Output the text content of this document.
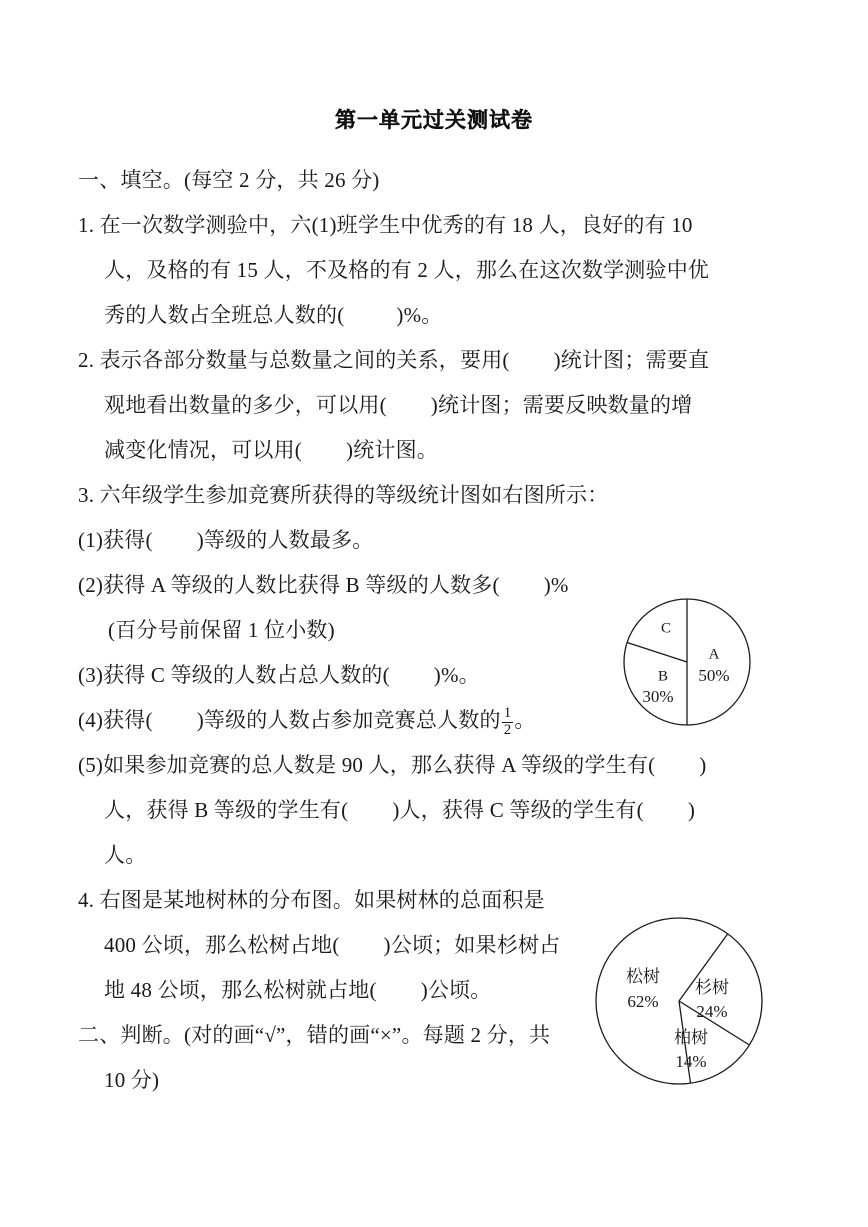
第一单元过关测试卷
一、填空。(每空 2 分，共 26 分)
1. 在一次数学测验中，六(1)班学生中优秀的有 18 人，良好的有 10
人，及格的有 15 人，不及格的有 2 人，那么在这次数学测验中优
秀的人数占全班总人数的( )%。
2. 表示各部分数量与总数量之间的关系，要用( )统计图；需要直
观地看出数量的多少，可以用( )统计图；需要反映数量的增
减变化情况，可以用( )统计图。
3. 六年级学生参加竞赛所获得的等级统计图如右图所示：
(1)获得( )等级的人数最多。
(2)获得 A 等级的人数比获得 B 等级的人数多( )%
(百分号前保留 1 位小数)
(3)获得 C 等级的人数占总人数的( )%。
(4)获得( )等级的人数占参加竞赛总人数的 $\frac{1}{2}$ 。
(5)如果参加竞赛的总人数是 90 人，那么获得 A 等级的学生有( )
人，获得 B 等级的学生有( )人，获得 C 等级的学生有( )
人。
4. 右图是某地树林的分布图。如果树林的总面积是
400 公顷，那么松树占地( )公顷；如果杉树占
地 48 公顷，那么松树就占地( )公顷。
二、判断。(对的画“√”，错的画“×”。每题 2 分，共
10 分)
A
50%
B
30%
C
松树
62%
杉树
24%
柏树
14%
